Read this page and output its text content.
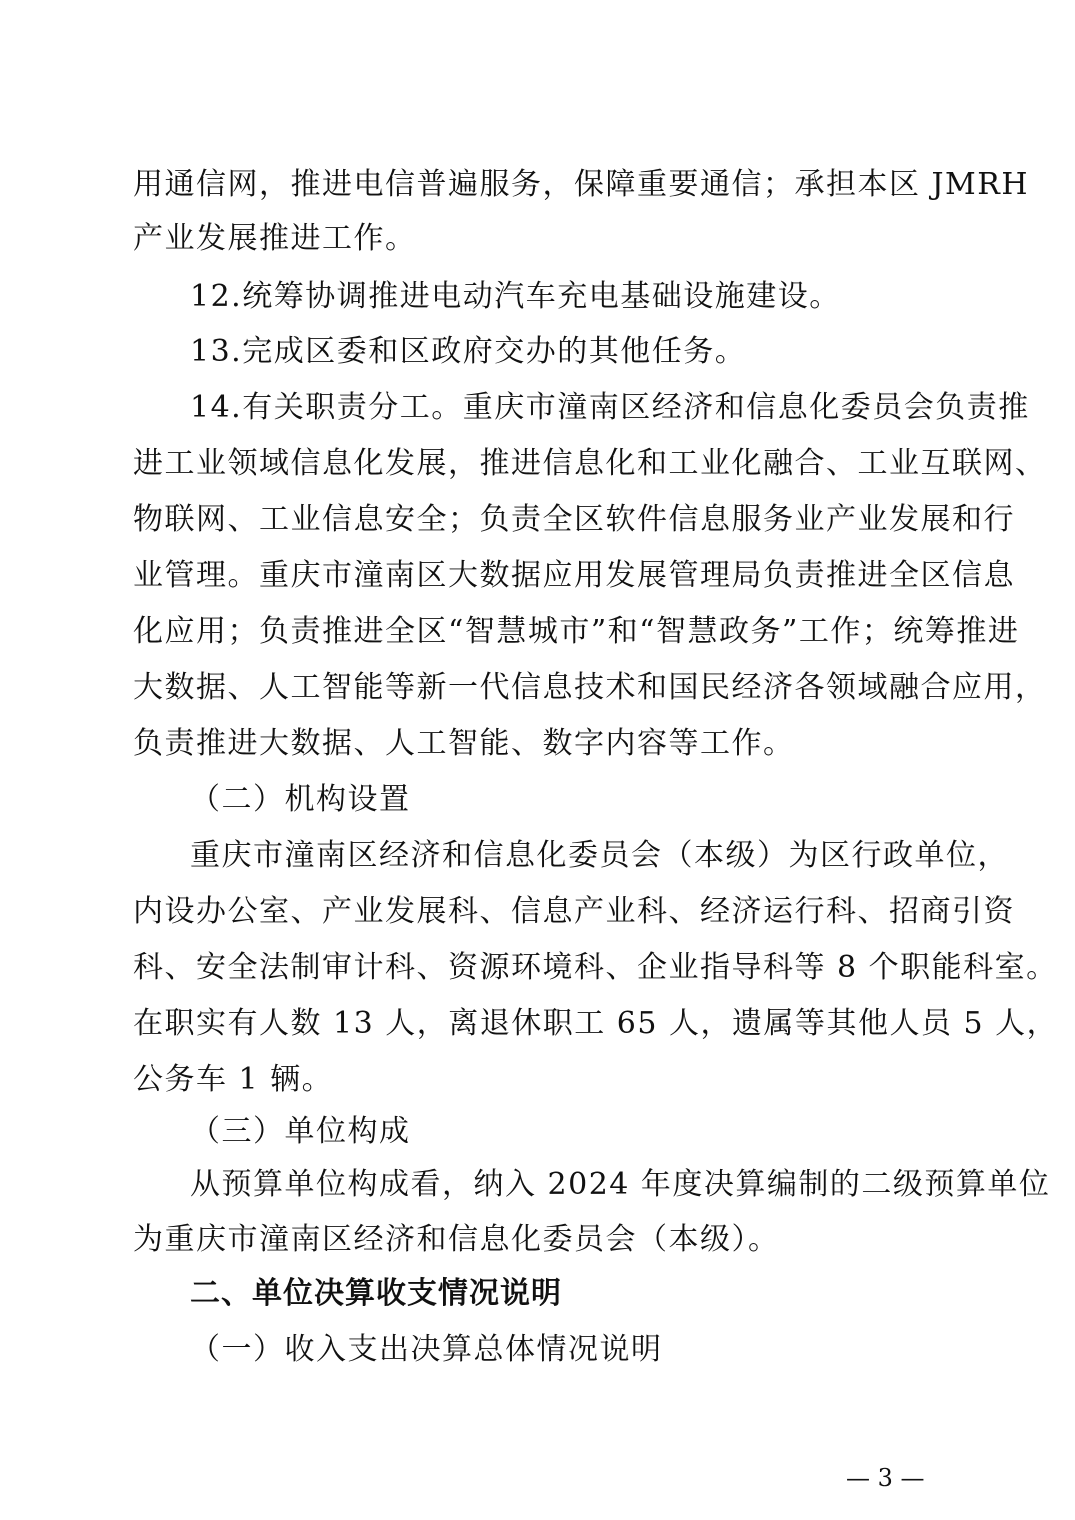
用通信网，推进电信普遍服务，保障重要通信；承担本区 JMRH
产业发展推进工作。
12.统筹协调推进电动汽车充电基础设施建设。
13.完成区委和区政府交办的其他任务。
14.有关职责分工。重庆市潼南区经济和信息化委员会负责推
进工业领域信息化发展，推进信息化和工业化融合、工业互联网、
物联网、工业信息安全；负责全区软件信息服务业产业发展和行
业管理。重庆市潼南区大数据应用发展管理局负责推进全区信息
化应用；负责推进全区“智慧城市”和“智慧政务”工作；统筹推进
大数据、人工智能等新一代信息技术和国民经济各领域融合应用，
负责推进大数据、人工智能、数字内容等工作。
（二）机构设置
重庆市潼南区经济和信息化委员会（本级）为区行政单位，
内设办公室、产业发展科、信息产业科、经济运行科、招商引资
科、安全法制审计科、资源环境科、企业指导科等 8 个职能科室。
在职实有人数 13 人，离退休职工 65 人，遗属等其他人员 5 人，
公务车 1 辆。
（三）单位构成
从预算单位构成看，纳入 2024 年度决算编制的二级预算单位
为重庆市潼南区经济和信息化委员会（本级）。
二、单位决算收支情况说明
（一）收入支出决算总体情况说明
— 3 —
